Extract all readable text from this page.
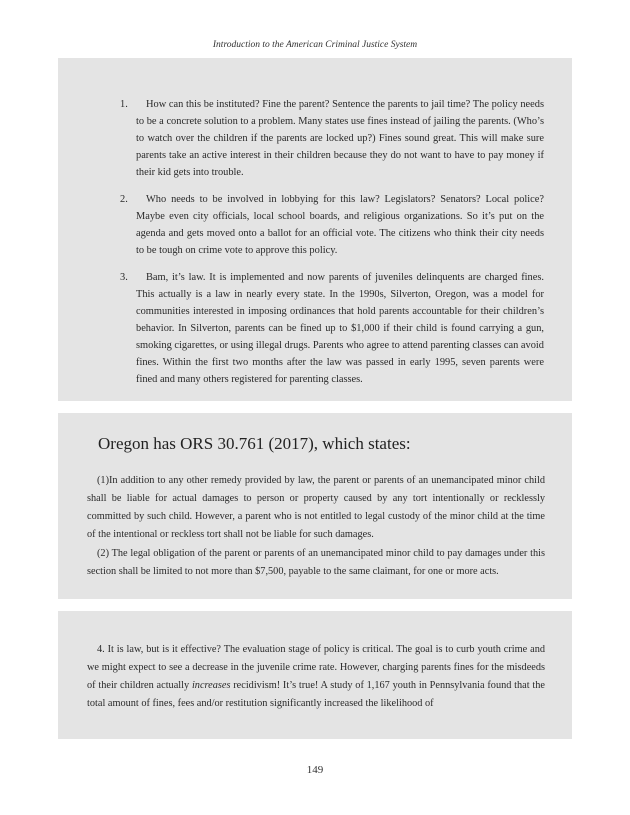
Introduction to the American Criminal Justice System
1.	How can this be instituted? Fine the parent? Sentence the parents to jail time? The policy needs to be a concrete solution to a problem. Many states use fines instead of jailing the parents. (Who’s to watch over the children if the parents are locked up?) Fines sound great. This will make sure parents take an active interest in their children because they do not want to have to pay money if their kid gets into trouble.
2.	Who needs to be involved in lobbying for this law? Legislators? Senators? Local police? Maybe even city officials, local school boards, and religious organizations. So it’s put on the agenda and gets moved onto a ballot for an official vote. The citizens who think their city needs to be tough on crime vote to approve this policy.
3.	Bam, it’s law. It is implemented and now parents of juveniles delinquents are charged fines. This actually is a law in nearly every state. In the 1990s, Silverton, Oregon, was a model for communities interested in imposing ordinances that hold parents accountable for their children’s behavior. In Silverton, parents can be fined up to $1,000 if their child is found carrying a gun, smoking cigarettes, or using illegal drugs. Parents who agree to attend parenting classes can avoid fines. Within the first two months after the law was passed in early 1995, seven parents were fined and many others registered for parenting classes.
Oregon has ORS 30.761 (2017), which states:

(1)In addition to any other remedy provided by law, the parent or parents of an unemancipated minor child shall be liable for actual damages to person or property caused by any tort intentionally or recklessly committed by such child. However, a parent who is not entitled to legal custody of the minor child at the time of the intentional or reckless tort shall not be liable for such damages.

(2) The legal obligation of the parent or parents of an unemancipated minor child to pay damages under this section shall be limited to not more than $7,500, payable to the same claimant, for one or more acts.

4. It is law, but is it effective? The evaluation stage of policy is critical. The goal is to curb youth crime and we might expect to see a decrease in the juvenile crime rate. However, charging parents fines for the misdeeds of their children actually increases recidivism! It’s true! A study of 1,167 youth in Pennsylvania found that the total amount of fines, fees and/or restitution significantly increased the likelihood of

149
